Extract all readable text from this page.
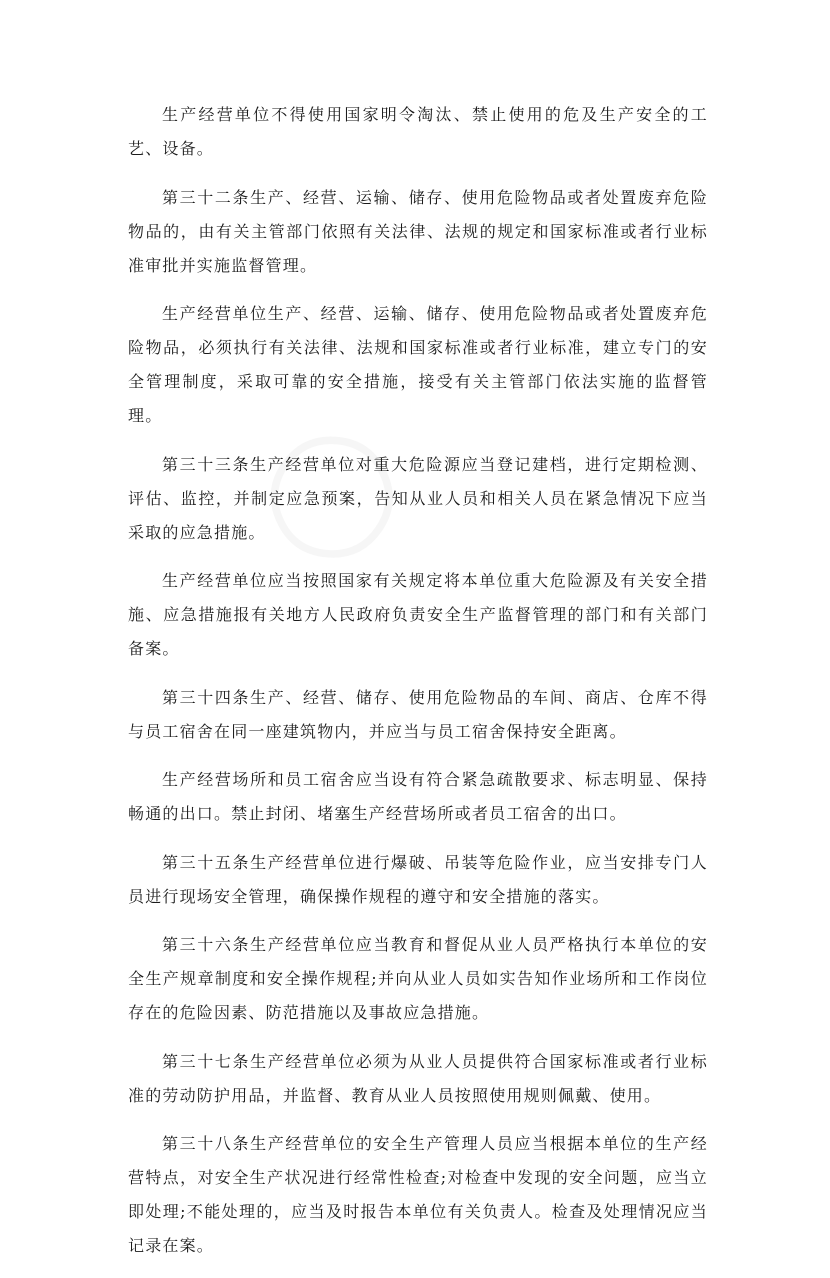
生产经营单位不得使用国家明令淘汰、禁止使用的危及生产安全的工艺、设备。

第三十二条生产、经营、运输、储存、使用危险物品或者处置废弃危险物品的，由有关主管部门依照有关法律、法规的规定和国家标准或者行业标准审批并实施监督管理。

生产经营单位生产、经营、运输、储存、使用危险物品或者处置废弃危险物品，必须执行有关法律、法规和国家标准或者行业标准，建立专门的安全管理制度，采取可靠的安全措施，接受有关主管部门依法实施的监督管理。

第三十三条生产经营单位对重大危险源应当登记建档，进行定期检测、评估、监控，并制定应急预案，告知从业人员和相关人员在紧急情况下应当采取的应急措施。

生产经营单位应当按照国家有关规定将本单位重大危险源及有关安全措施、应急措施报有关地方人民政府负责安全生产监督管理的部门和有关部门备案。

第三十四条生产、经营、储存、使用危险物品的车间、商店、仓库不得与员工宿舍在同一座建筑物内，并应当与员工宿舍保持安全距离。

生产经营场所和员工宿舍应当设有符合紧急疏散要求、标志明显、保持畅通的出口。禁止封闭、堵塞生产经营场所或者员工宿舍的出口。

第三十五条生产经营单位进行爆破、吊装等危险作业，应当安排专门人员进行现场安全管理，确保操作规程的遵守和安全措施的落实。

第三十六条生产经营单位应当教育和督促从业人员严格执行本单位的安全生产规章制度和安全操作规程;并向从业人员如实告知作业场所和工作岗位存在的危险因素、防范措施以及事故应急措施。

第三十七条生产经营单位必须为从业人员提供符合国家标准或者行业标准的劳动防护用品，并监督、教育从业人员按照使用规则佩戴、使用。

第三十八条生产经营单位的安全生产管理人员应当根据本单位的生产经营特点，对安全生产状况进行经常性检查;对检查中发现的安全问题，应当立即处理;不能处理的，应当及时报告本单位有关负责人。检查及处理情况应当记录在案。
